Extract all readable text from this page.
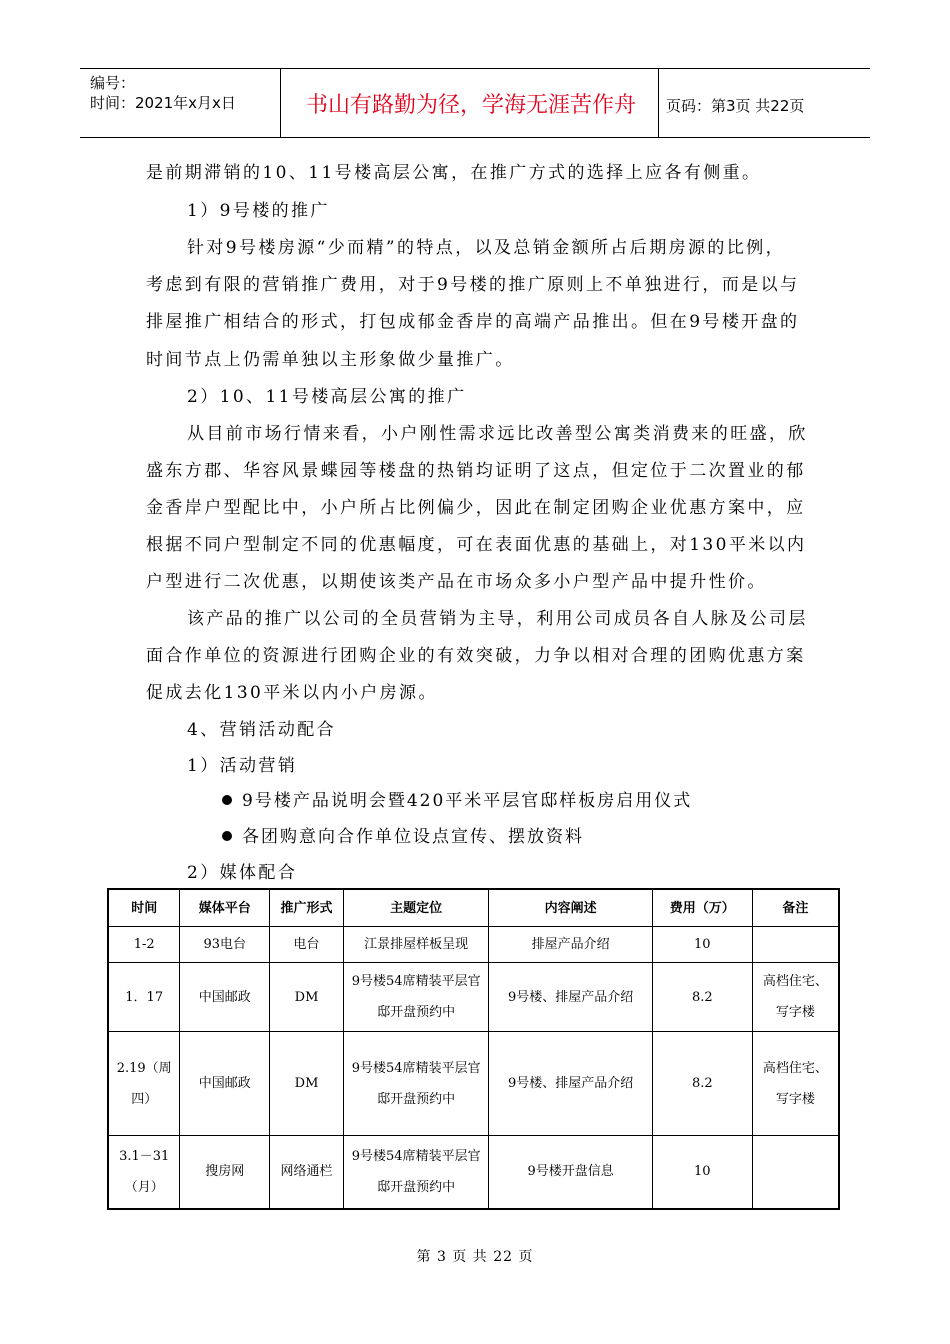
编号：
时间：2021年x月x日	书山有路勤为径，学海无涯苦作舟	页码：第3页 共22页
是前期滞销的10、11号楼高层公寓，在推广方式的选择上应各有侧重。
1）9号楼的推广
针对9号楼房源“少而精”的特点，以及总销金额所占后期房源的比例，
考虑到有限的营销推广费用，对于9号楼的推广原则上不单独进行，而是以与
排屋推广相结合的形式，打包成郁金香岸的高端产品推出。但在9号楼开盘的
时间节点上仍需单独以主形象做少量推广。
2）10、11号楼高层公寓的推广
从目前市场行情来看，小户刚性需求远比改善型公寓类消费来的旺盛，欣
盛东方郡、华容风景蝶园等楼盘的热销均证明了这点，但定位于二次置业的郁
金香岸户型配比中，小户所占比例偏少，因此在制定团购企业优惠方案中，应
根据不同户型制定不同的优惠幅度，可在表面优惠的基础上，对130平米以内
户型进行二次优惠，以期使该类产品在市场众多小户型产品中提升性价。
该产品的推广以公司的全员营销为主导，利用公司成员各自人脉及公司层
面合作单位的资源进行团购企业的有效突破，力争以相对合理的团购优惠方案
促成去化130平米以内小户房源。
4、营销活动配合
1）活动营销
9号楼产品说明会暨420平米平层官邸样板房启用仪式
各团购意向合作单位设点宣传、摆放资料
2）媒体配合
时间	媒体平台	推广形式	主题定位	内容阐述	费用（万）	备注
1-2	93电台	电台	江景排屋样板呈现	排屋产品介绍	10	
1．17	中国邮政	DM	9号楼54席精装平层官邸开盘预约中	9号楼、排屋产品介绍	8.2	高档住宅、写字楼
2.19（周四）	中国邮政	DM	9号楼54席精装平层官邸开盘预约中	9号楼、排屋产品介绍	8.2	高档住宅、写字楼
3.1－31（月）	搜房网	网络通栏	9号楼54席精装平层官邸开盘预约中	9号楼开盘信息	10	
第 3 页 共 22 页
